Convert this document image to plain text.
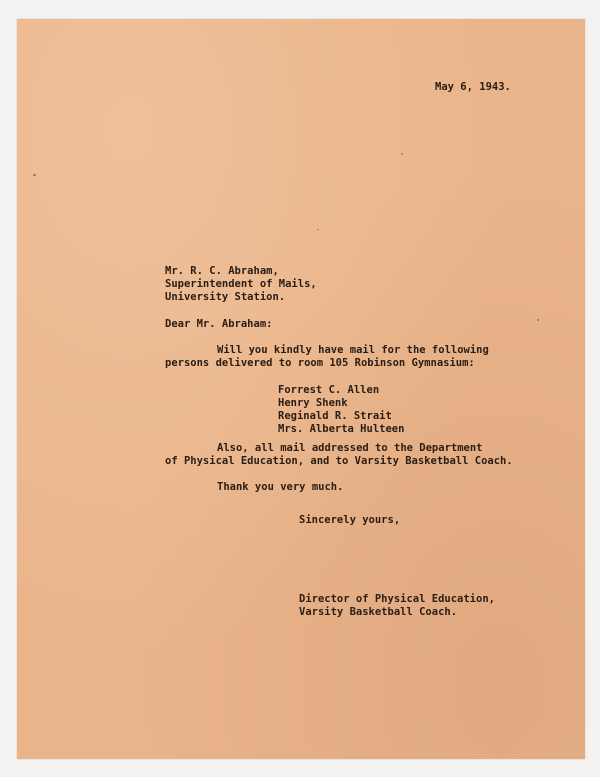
May 6, 1943.
Mr. R. C. Abraham,
Superintendent of Mails,
University Station.
Dear Mr. Abraham:
Will you kindly have mail for the following
persons delivered to room 105 Robinson Gymnasium:
Forrest C. Allen
Henry Shenk
Reginald R. Strait
Mrs. Alberta Hulteen
Also, all mail addressed to the Department
of Physical Education, and to Varsity Basketball Coach.
Thank you very much.
Sincerely yours,
Director of Physical Education,
Varsity Basketball Coach.
